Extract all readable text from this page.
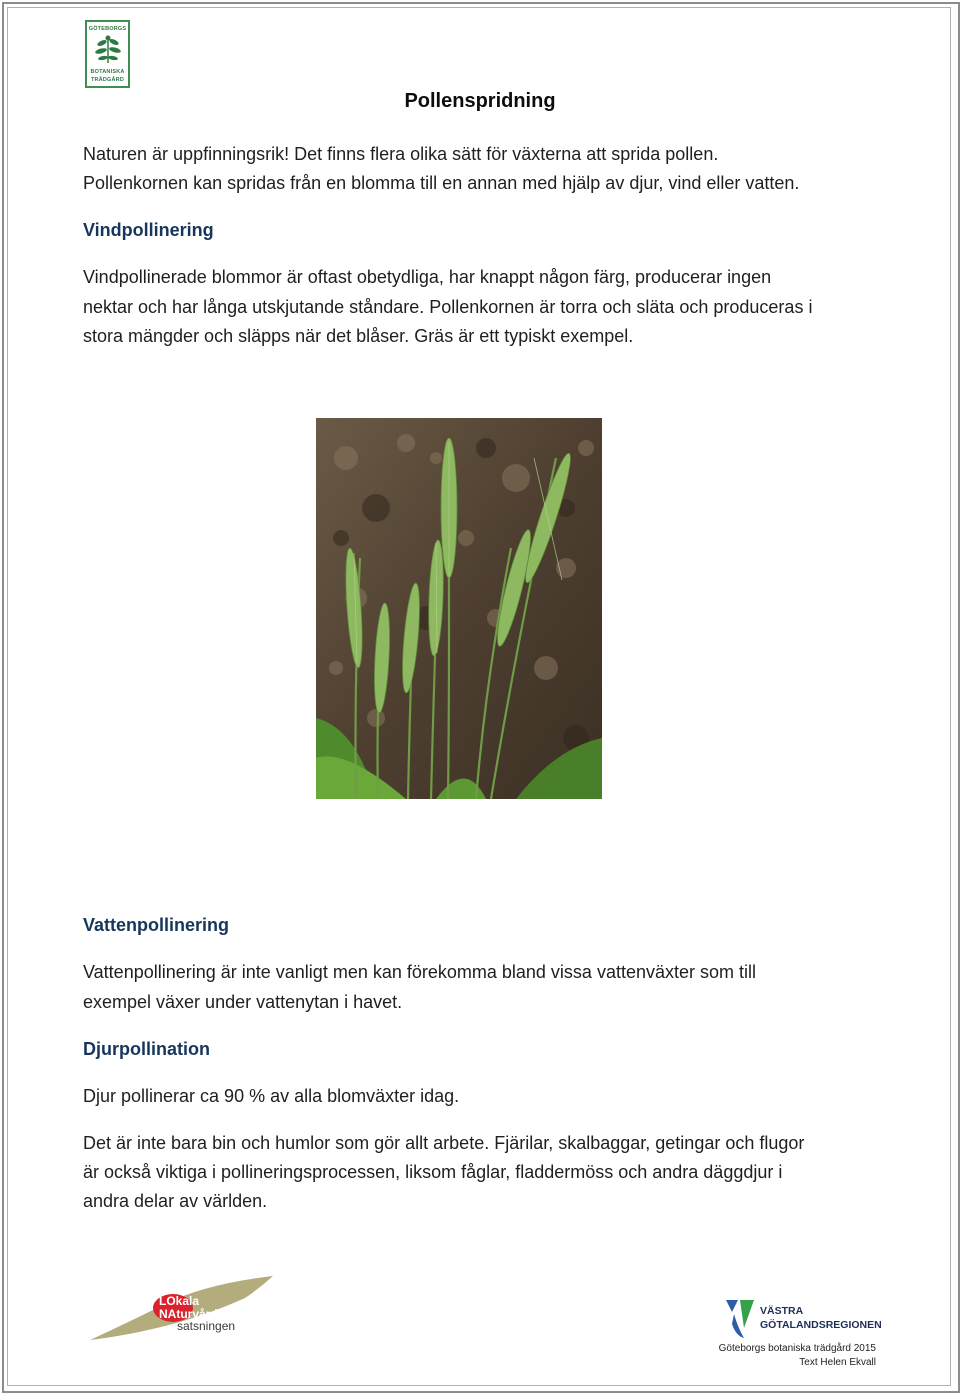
GÖTEBORGS
BOTANISKA
TRÄDGÅRD
Pollenspridning
Naturen är uppfinningsrik! Det finns flera olika sätt för växterna att sprida pollen.
Pollenkornen kan spridas från en blomma till en annan med hjälp av djur, vind eller vatten.
Vindpollinering
Vindpollinerade blommor är oftast obetydliga, har knappt någon färg, producerar ingen
nektar och har långa utskjutande ståndare. Pollenkornen är torra och släta och produceras i
stora mängder och släpps när det blåser. Gräs är ett typiskt exempel.
Vattenpollinering
Vattenpollinering är inte vanligt men kan förekomma bland vissa vattenväxter som till
exempel växer under vattenytan i havet.
Djurpollination
Djur pollinerar ca 90 % av alla blomväxter idag.
Det är inte bara bin och humlor som gör allt arbete. Fjärilar, skalbaggar, getingar och flugor
är också viktiga i pollineringsprocessen, liksom fåglar, fladdermöss och andra däggdjur i
andra delar av världen.
LOkala
NAturvårds
satsningen
VÄSTRA
GÖTALANDSREGIONEN
Göteborgs botaniska trädgård 2015
Text Helen Ekvall
